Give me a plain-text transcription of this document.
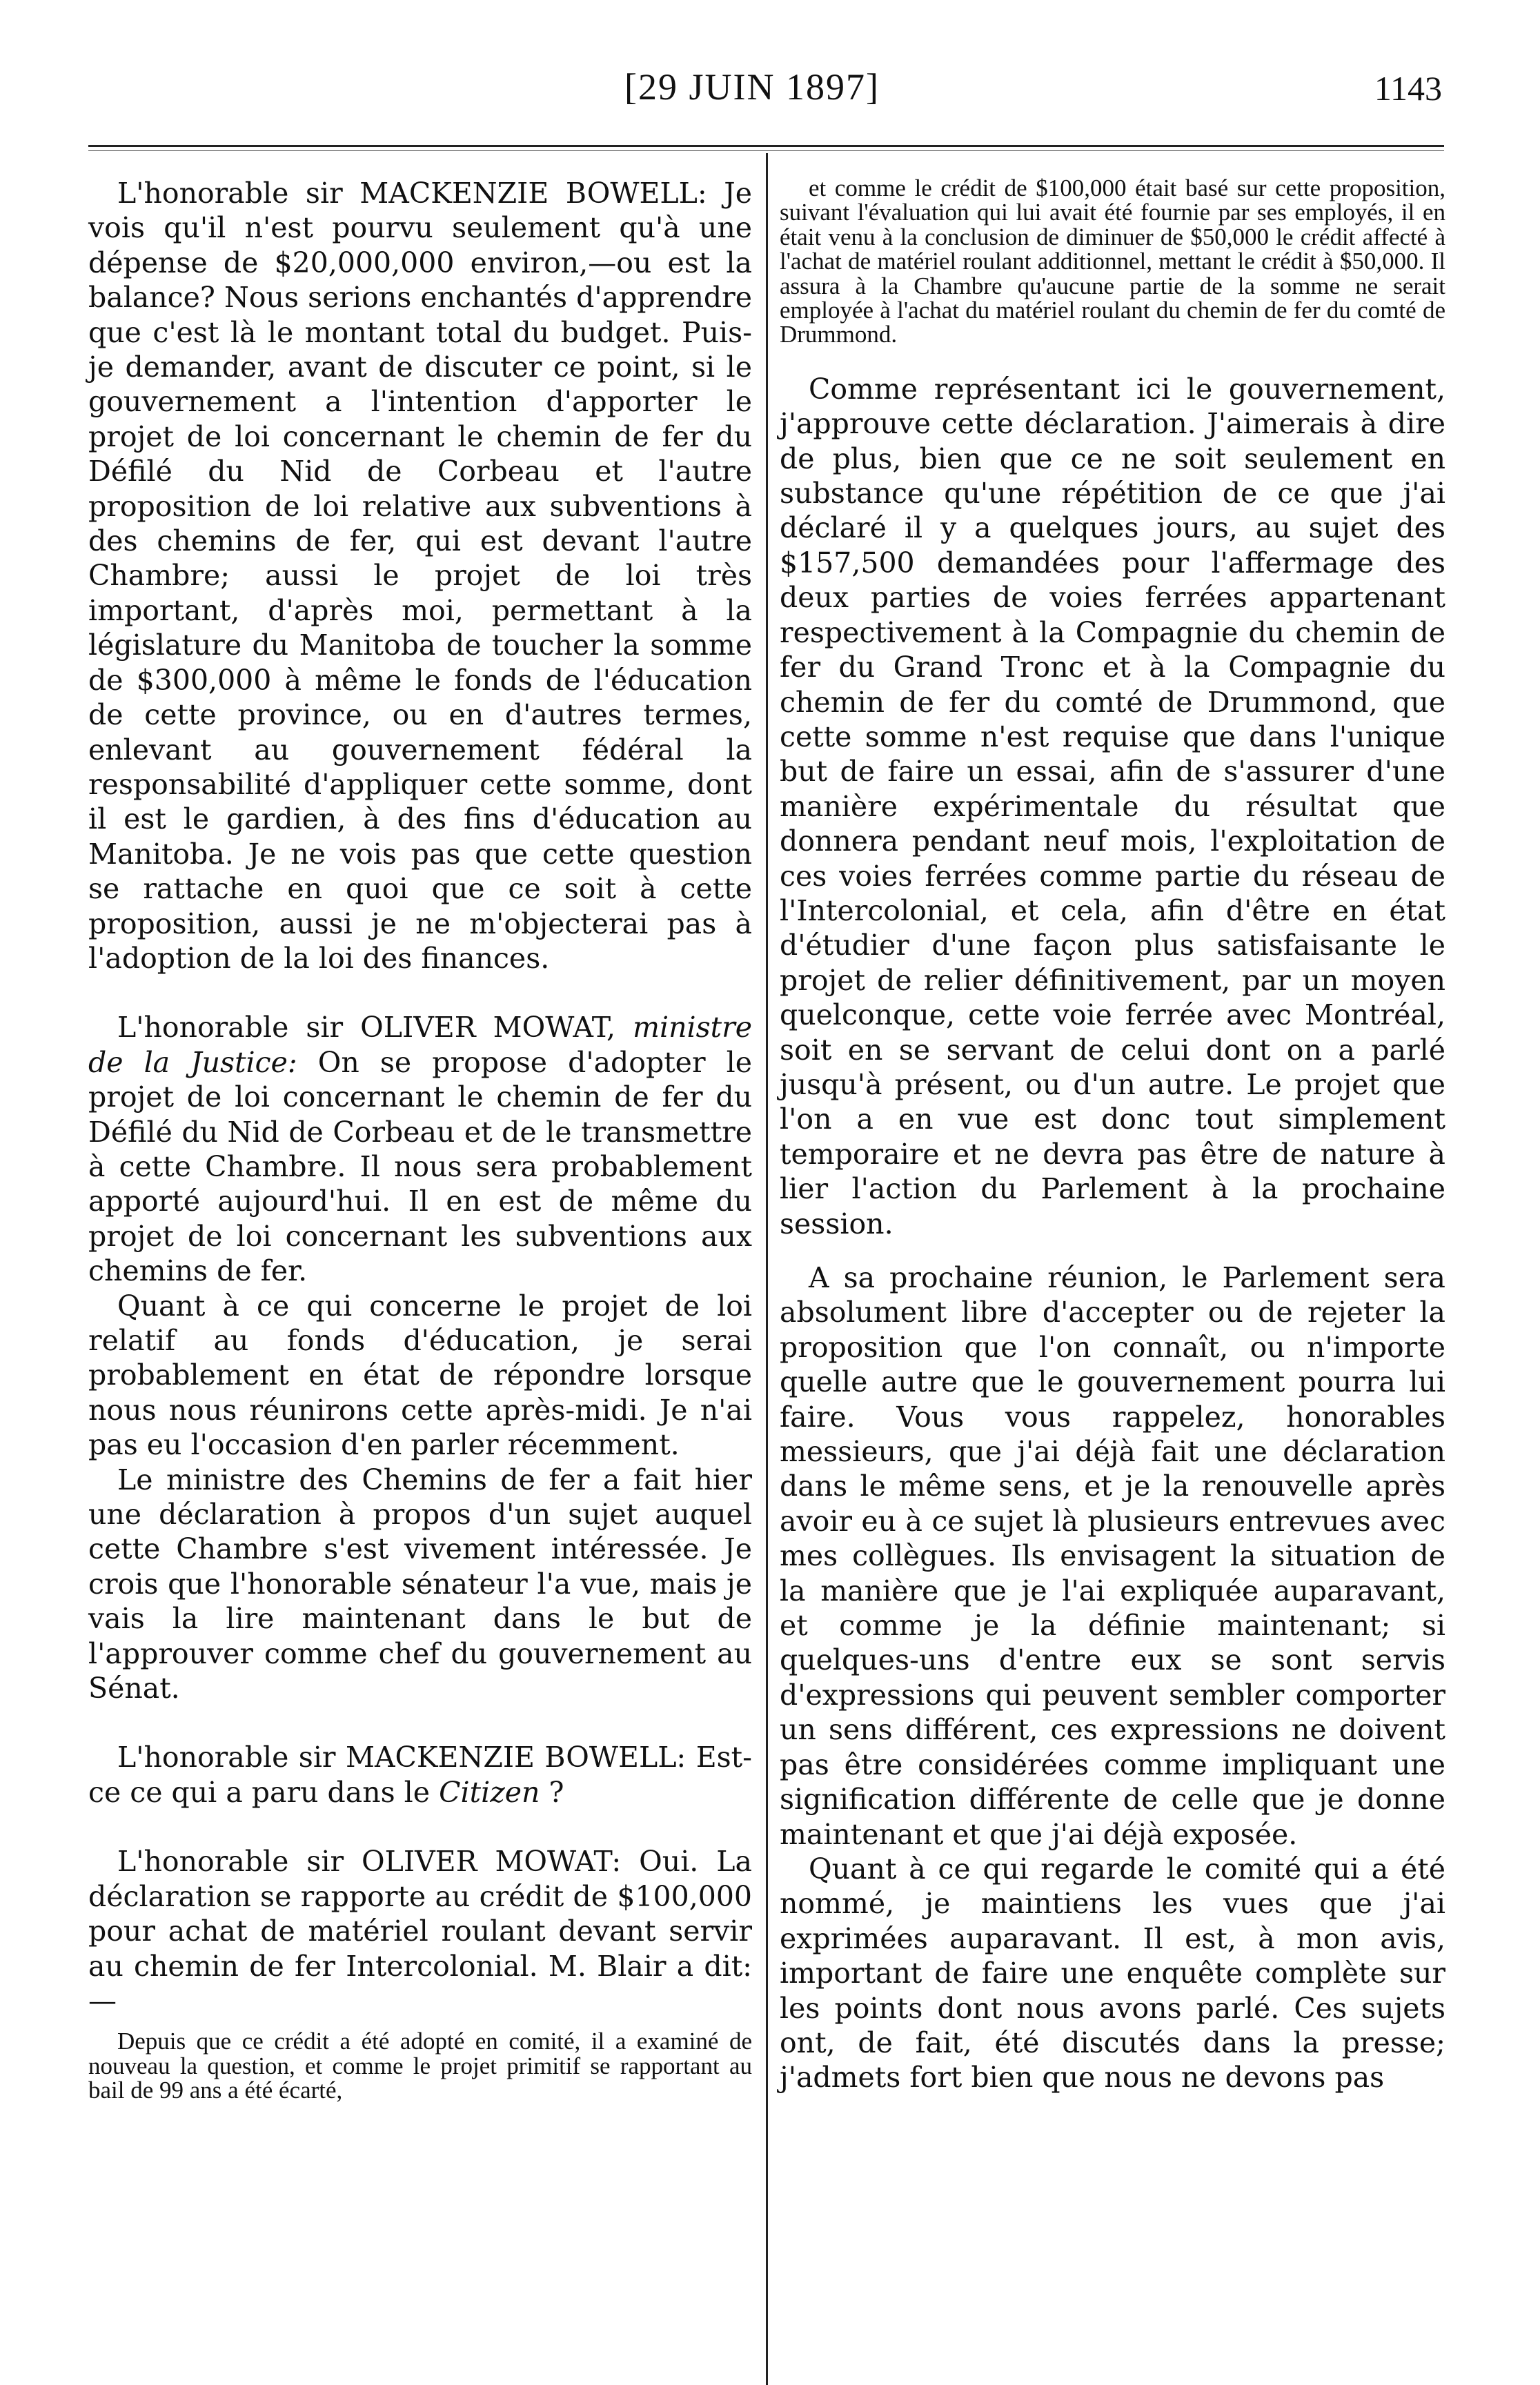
[29 JUIN 1897]	1143

L'honorable sir MACKENZIE BOWELL: Je vois qu'il n'est pourvu seulement qu'à une dépense de $20,000,000 environ,—ou est la balance? Nous serions enchantés d'apprendre que c'est là le montant total du budget. Puis-je demander, avant de discuter ce point, si le gouvernement a l'intention d'apporter le projet de loi concernant le chemin de fer du Défilé du Nid de Corbeau et l'autre proposition de loi relative aux subventions à des chemins de fer, qui est devant l'autre Chambre; aussi le projet de loi très important, d'après moi, permettant à la législature du Manitoba de toucher la somme de $300,000 à même le fonds de l'éducation de cette province, ou en d'autres termes, enlevant au gouvernement fédéral la responsabilité d'appliquer cette somme, dont il est le gardien, à des fins d'éducation au Manitoba. Je ne vois pas que cette question se rattache en quoi que ce soit à cette proposition, aussi je ne m'objecterai pas à l'adoption de la loi des finances.

L'honorable sir OLIVER MOWAT, ministre de la Justice: On se propose d'adopter le projet de loi concernant le chemin de fer du Défilé du Nid de Corbeau et de le transmettre à cette Chambre. Il nous sera probablement apporté aujourd'hui. Il en est de même du projet de loi concernant les subventions aux chemins de fer.

Quant à ce qui concerne le projet de loi relatif au fonds d'éducation, je serai probablement en état de répondre lorsque nous nous réunirons cette après-midi. Je n'ai pas eu l'occasion d'en parler récemment.

Le ministre des Chemins de fer a fait hier une déclaration à propos d'un sujet auquel cette Chambre s'est vivement intéressée. Je crois que l'honorable sénateur l'a vue, mais je vais la lire maintenant dans le but de l'approuver comme chef du gouvernement au Sénat.

L'honorable sir MACKENZIE BOWELL: Est-ce ce qui a paru dans le Citizen ?

L'honorable sir OLIVER MOWAT: Oui. La déclaration se rapporte au crédit de $100,000 pour achat de matériel roulant devant servir au chemin de fer Intercolonial. M. Blair a dit:—

Depuis que ce crédit a été adopté en comité, il a examiné de nouveau la question, et comme le projet primitif se rapportant au bail de 99 ans a été écarté,

et comme le crédit de $100,000 était basé sur cette proposition, suivant l'évaluation qui lui avait été fournie par ses employés, il en était venu à la conclusion de diminuer de $50,000 le crédit affecté à l'achat de matériel roulant additionnel, mettant le crédit à $50,000. Il assura à la Chambre qu'aucune partie de la somme ne serait employée à l'achat du matériel roulant du chemin de fer du comté de Drummond.

Comme représentant ici le gouvernement, j'approuve cette déclaration. J'aimerais à dire de plus, bien que ce ne soit seulement en substance qu'une répétition de ce que j'ai déclaré il y a quelques jours, au sujet des $157,500 demandées pour l'affermage des deux parties de voies ferrées appartenant respectivement à la Compagnie du chemin de fer du Grand Tronc et à la Compagnie du chemin de fer du comté de Drummond, que cette somme n'est requise que dans l'unique but de faire un essai, afin de s'assurer d'une manière expérimentale du résultat que donnera pendant neuf mois, l'exploitation de ces voies ferrées comme partie du réseau de l'Intercolonial, et cela, afin d'être en état d'étudier d'une façon plus satisfaisante le projet de relier définitivement, par un moyen quelconque, cette voie ferrée avec Montréal, soit en se servant de celui dont on a parlé jusqu'à présent, ou d'un autre. Le projet que l'on a en vue est donc tout simplement temporaire et ne devra pas être de nature à lier l'action du Parlement à la prochaine session.

A sa prochaine réunion, le Parlement sera absolument libre d'accepter ou de rejeter la proposition que l'on connaît, ou n'importe quelle autre que le gouvernement pourra lui faire. Vous vous rappelez, honorables messieurs, que j'ai déjà fait une déclaration dans le même sens, et je la renouvelle après avoir eu à ce sujet là plusieurs entrevues avec mes collègues. Ils envisagent la situation de la manière que je l'ai expliquée auparavant, et comme je la définie maintenant; si quelques-uns d'entre eux se sont servis d'expressions qui peuvent sembler comporter un sens différent, ces expressions ne doivent pas être considérées comme impliquant une signification différente de celle que je donne maintenant et que j'ai déjà exposée.

Quant à ce qui regarde le comité qui a été nommé, je maintiens les vues que j'ai exprimées auparavant. Il est, à mon avis, important de faire une enquête complète sur les points dont nous avons parlé. Ces sujets ont, de fait, été discutés dans la presse; j'admets fort bien que nous ne devons pas
